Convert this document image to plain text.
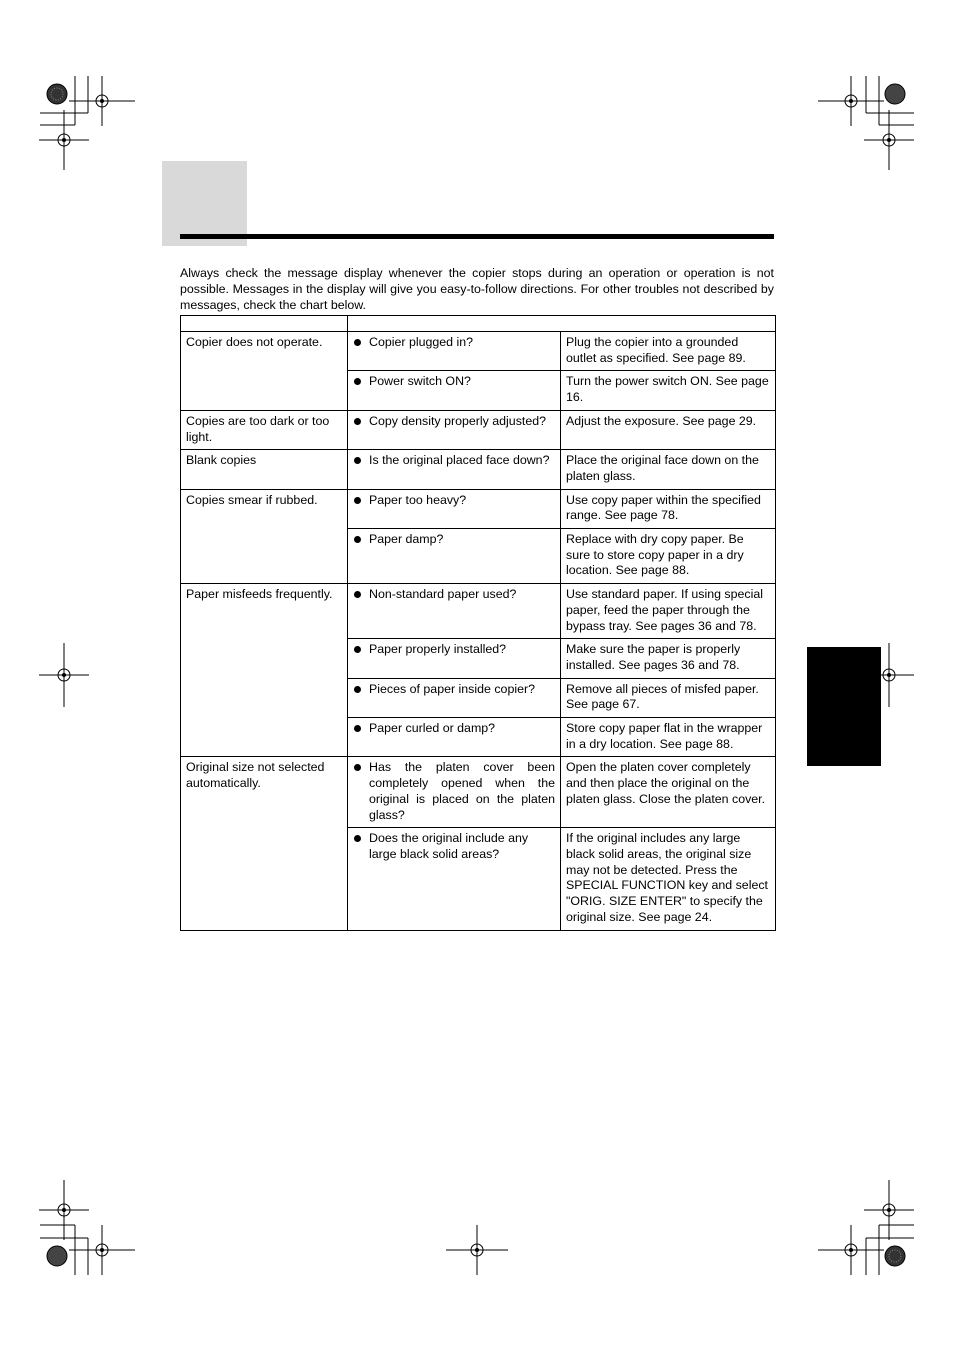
Always check the message display whenever the copier stops during an operation or operation is not possible. Messages in the display will give you easy-to-follow directions. For other troubles not described by messages, check the chart below.

Copier does not operate.	Copier plugged in?	Plug the copier into a grounded outlet as specified. See page 89.

	Power switch ON?	Turn the power switch ON. See page 16.
Copies are too dark or too light.	Copy density properly adjusted?	Adjust the exposure. See page 29.
Blank copies	Is the original placed face down?	Place the original face down on the platen glass.
Copies smear if rubbed.	Paper too heavy?	Use copy paper within the specified range. See page 78.

	Paper damp?	Replace with dry copy paper. Be sure to store copy paper in a dry location. See page 88.
Paper misfeeds frequently.	Non-standard paper used?	Use standard paper. If using special paper, feed the paper through the bypass tray. See pages 36 and 78.

	Paper properly installed?	Make sure the paper is properly installed. See pages 36 and 78.

	Pieces of paper inside copier?	Remove all pieces of misfed paper. See page 67.

	Paper curled or damp?	Store copy paper flat in the wrapper in a dry location. See page 88.
Original size not selected automatically.	Has the platen cover been completely opened when the original is placed on the platen glass?	Open the platen cover completely and then place the original on the platen glass. Close the platen cover.

	Does the original include any large black solid areas?	If the original includes any large black solid areas, the original size may not be detected. Press the SPECIAL FUNCTION key and select "ORIG. SIZE ENTER" to specify the original size. See page 24.
